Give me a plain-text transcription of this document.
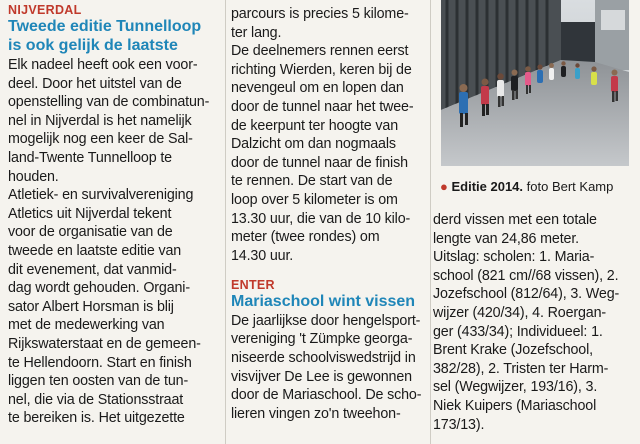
NIJVERDAL

Tweede editie Tunnelloop
is ook gelijk de laatste

Elk nadeel heeft ook een voor-

deel. Door het uitstel van de

openstelling van de combinatun-

nel in Nijverdal is het namelijk

mogelijk nog een keer de Sal-

land-Twente Tunnelloop te

houden.

Atletiek- en survivalvereniging

Atletics uit Nijverdal tekent

voor de organisatie van de

tweede en laatste editie van

dit evenement, dat vanmid-

dag wordt gehouden. Organi-

sator Albert Horsman is blij

met de medewerking van

Rijkswaterstaat en de gemeen-

te Hellendoorn. Start en finish

liggen ten oosten van de tun-

nel, die via de Stationsstraat

te bereiken is. Het uitgezette

parcours is precies 5 kilome-

ter lang.

De deelnemers rennen eerst

richting Wierden, keren bij de

nevengeul om en lopen dan

door de tunnel naar het twee-

de keerpunt ter hoogte van

Dalzicht om dan nogmaals

door de tunnel naar de finish

te rennen. De start van de

loop over 5 kilometer is om

13.30 uur, die van de 10 kilo-

meter (twee rondes) om

14.30 uur.

ENTER

Mariaschool wint vissen

De jaarlijkse door hengelsport-

vereniging 't Zümpke georga-

niseerde schoolviswedstrijd in

visvijver De Lee is gewonnen

door de Mariaschool. De scho-

lieren vingen zo'n tweehon-

● Editie 2014. foto Bert Kamp

derd vissen met een totale

lengte van 24,86 meter.

Uitslag: scholen: 1. Maria-

school (821 cm//68 vissen), 2.

Jozefschool (812/64), 3. Weg-

wijzer (420/34), 4. Roergan-

ger (433/34); Individueel: 1.

Brent Krake (Jozefschool,

382/28), 2. Tristen ter Harm-

sel (Wegwijzer, 193/16), 3.

Niek Kuipers (Mariaschool

173/13).
